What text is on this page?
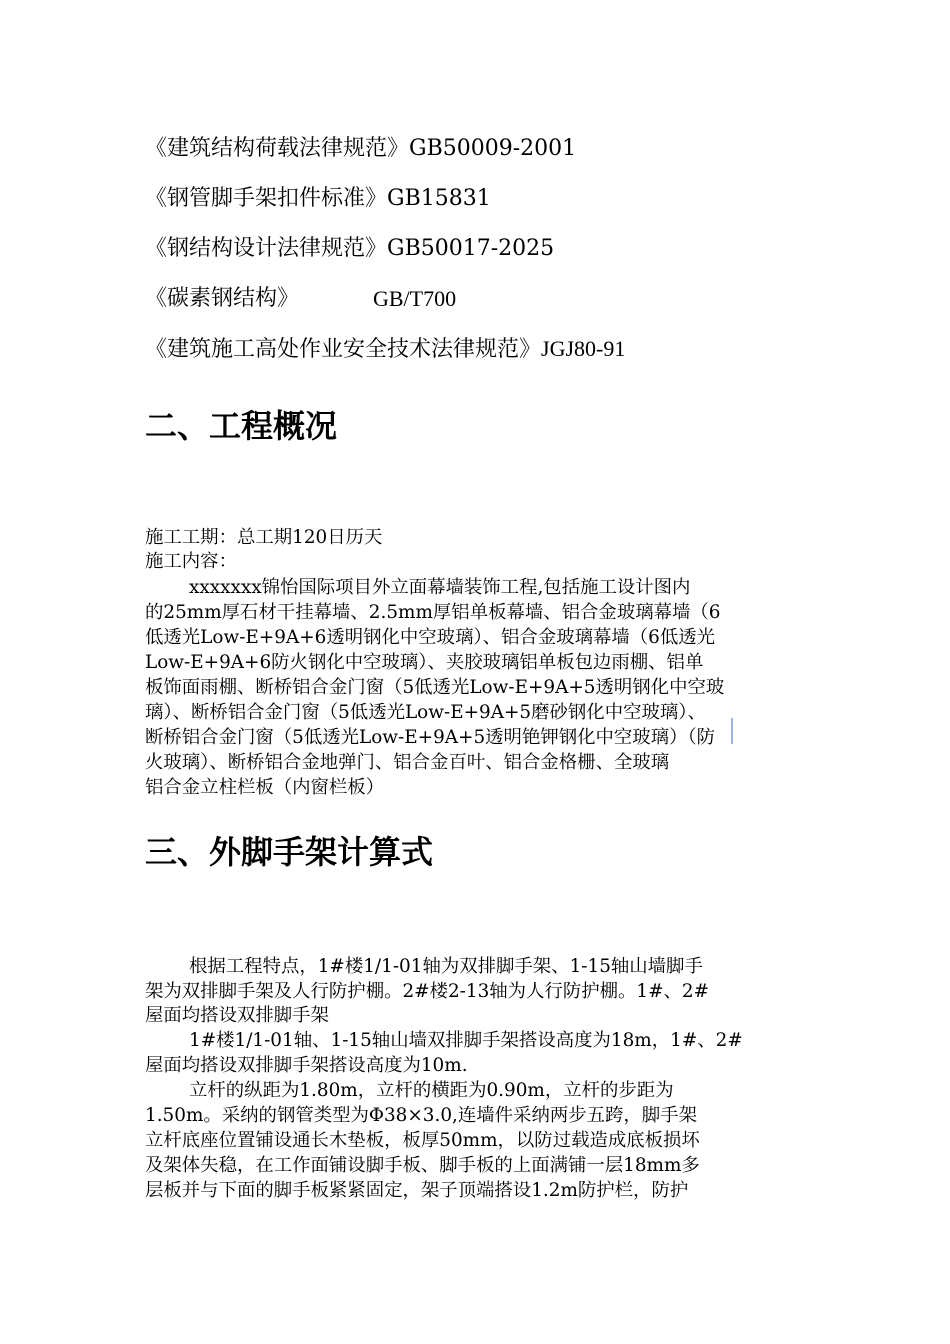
《建筑结构荷载法律规范》GB50009-2001
《钢管脚手架扣件标准》GB15831
《钢结构设计法律规范》GB50017-2025
《碳素钢结构》	GB/T700
《建筑施工高处作业安全技术法律规范》JGJ80-91
二、工程概况
施工工期：总工期120日历天
施工内容：
xxxxxxx锦怡国际项目外立面幕墙装饰工程,包括施工设计图内
的25mm厚石材干挂幕墙、2.5mm厚铝单板幕墙、铝合金玻璃幕墙（6
低透光Low-E+9A+6透明钢化中空玻璃）、铝合金玻璃幕墙（6低透光
Low-E+9A+6防火钢化中空玻璃）、夹胶玻璃铝单板包边雨棚、铝单
板饰面雨棚、断桥铝合金门窗（5低透光Low-E+9A+5透明钢化中空玻
璃）、断桥铝合金门窗（5低透光Low-E+9A+5磨砂钢化中空玻璃）、
断桥铝合金门窗（5低透光Low-E+9A+5透明铯钾钢化中空玻璃）（防
火玻璃）、断桥铝合金地弹门、铝合金百叶、铝合金格栅、全玻璃
铝合金立柱栏板（内窗栏板）
三、外脚手架计算式
根据工程特点，1#楼1/1-01轴为双排脚手架、1-15轴山墙脚手
架为双排脚手架及人行防护棚。2#楼2-13轴为人行防护棚。1#、2#
屋面均搭设双排脚手架
1#楼1/1-01轴、1-15轴山墙双排脚手架搭设高度为18m，1#、2#
屋面均搭设双排脚手架搭设高度为10m.
立杆的纵距为1.80m，立杆的横距为0.90m，立杆的步距为
1.50m。采纳的钢管类型为Φ38×3.0,连墙件采纳两步五跨，脚手架
立杆底座位置铺设通长木垫板，板厚50mm，以防过载造成底板损坏
及架体失稳，在工作面铺设脚手板、脚手板的上面满铺一层18mm多
层板并与下面的脚手板紧紧固定，架子顶端搭设1.2m防护栏，防护
